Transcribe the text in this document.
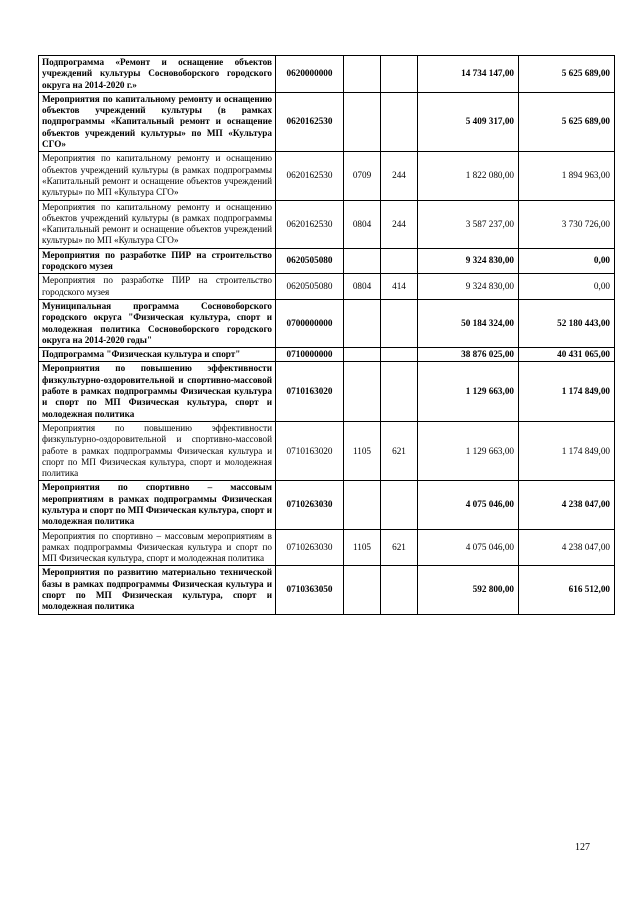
Подпрограмма «Ремонт и оснащение объектов учреждений культуры Сосновоборского городского округа на 2014-2020 г.»	0620000000			14 734 147,00	5 625 689,00
Мероприятия по капитальному ремонту и оснащению объектов учреждений культуры (в рамках подпрограммы «Капитальный ремонт и оснащение объектов учреждений культуры» по МП «Культура СГО»	0620162530			5 409 317,00	5 625 689,00
Мероприятия по капитальному ремонту и оснащению объектов учреждений культуры (в рамках подпрограммы «Капитальный ремонт и оснащение объектов учреждений культуры» по МП «Культура СГО»	0620162530	0709	244	1 822 080,00	1 894 963,00
Мероприятия по капитальному ремонту и оснащению объектов учреждений культуры (в рамках подпрограммы «Капитальный ремонт и оснащение объектов учреждений культуры» по МП «Культура СГО»	0620162530	0804	244	3 587 237,00	3 730 726,00
Мероприятия по разработке ПИР на строительство городского музея	0620505080			9 324 830,00	0,00
Мероприятия по разработке ПИР на строительство городского музея	0620505080	0804	414	9 324 830,00	0,00
Муниципальная программа Сосновоборского городского округа "Физическая культура, спорт и молодежная политика Сосновоборского городского округа на 2014-2020 годы"	0700000000			50 184 324,00	52 180 443,00
Подпрограмма "Физическая культура и спорт"	0710000000			38 876 025,00	40 431 065,00
Мероприятия по повышению эффективности физкультурно-оздоровительной и спортивно-массовой работе в рамках подпрограммы Физическая культура и спорт по МП Физическая культура, спорт и молодежная политика	0710163020			1 129 663,00	1 174 849,00
Мероприятия по повышению эффективности физкультурно-оздоровительной и спортивно-массовой работе в рамках подпрограммы Физическая культура и спорт по МП Физическая культура, спорт и молодежная политика	0710163020	1105	621	1 129 663,00	1 174 849,00
Мероприятия по спортивно – массовым мероприятиям в рамках подпрограммы Физическая культура и спорт по МП Физическая культура, спорт и молодежная политика	0710263030			4 075 046,00	4 238 047,00
Мероприятия по спортивно – массовым мероприятиям в рамках подпрограммы Физическая культура и спорт по МП Физическая культура, спорт и молодежная политика	0710263030	1105	621	4 075 046,00	4 238 047,00
Мероприятия по развитию материально технической базы в рамках подпрограммы Физическая культура и спорт по МП Физическая культура, спорт и молодежная политика	0710363050			592 800,00	616 512,00
127
